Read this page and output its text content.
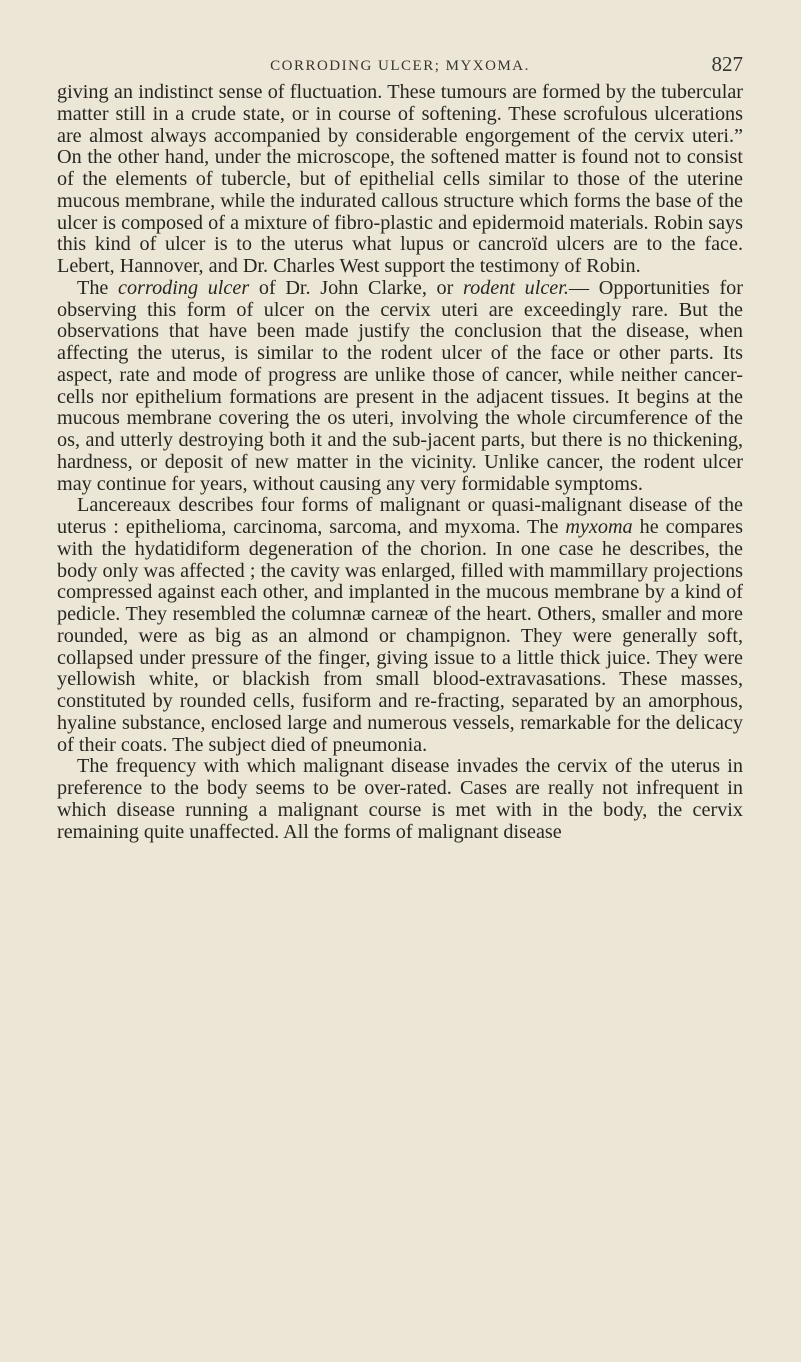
CORRODING ULCER; MYXOMA.	827

giving an indistinct sense of fluctuation. These tumours are formed by the tubercular matter still in a crude state, or in course of softening. These scrofulous ulcerations are almost always accompanied by considerable engorgement of the cervix uteri.” On the other hand, under the microscope, the softened matter is found not to consist of the elements of tubercle, but of epithelial cells similar to those of the uterine mucous membrane, while the indurated callous structure which forms the base of the ulcer is composed of a mixture of fibro-plastic and epidermoid materials. Robin says this kind of ulcer is to the uterus what lupus or cancroïd ulcers are to the face. Lebert, Hannover, and Dr. Charles West support the testimony of Robin.

The corroding ulcer of Dr. John Clarke, or rodent ulcer.— Opportunities for observing this form of ulcer on the cervix uteri are exceedingly rare. But the observations that have been made justify the conclusion that the disease, when affecting the uterus, is similar to the rodent ulcer of the face or other parts. Its aspect, rate and mode of progress are unlike those of cancer, while neither cancer-cells nor epithelium formations are present in the adjacent tissues. It begins at the mucous membrane covering the os uteri, involving the whole circumference of the os, and utterly destroying both it and the sub-jacent parts, but there is no thickening, hardness, or deposit of new matter in the vicinity. Unlike cancer, the rodent ulcer may continue for years, without causing any very formidable symptoms.

Lancereaux describes four forms of malignant or quasi-malignant disease of the uterus : epithelioma, carcinoma, sarcoma, and myxoma. The myxoma he compares with the hydatidiform degeneration of the chorion. In one case he describes, the body only was affected ; the cavity was enlarged, filled with mammillary projections compressed against each other, and implanted in the mucous membrane by a kind of pedicle. They resembled the columnæ carneæ of the heart. Others, smaller and more rounded, were as big as an almond or champignon. They were generally soft, collapsed under pressure of the finger, giving issue to a little thick juice. They were yellowish white, or blackish from small blood-extravasations. These masses, constituted by rounded cells, fusiform and re-fracting, separated by an amorphous, hyaline substance, enclosed large and numerous vessels, remarkable for the delicacy of their coats. The subject died of pneumonia.

The frequency with which malignant disease invades the cervix of the uterus in preference to the body seems to be over-rated. Cases are really not infrequent in which disease running a malignant course is met with in the body, the cervix remaining quite unaffected. All the forms of malignant disease
